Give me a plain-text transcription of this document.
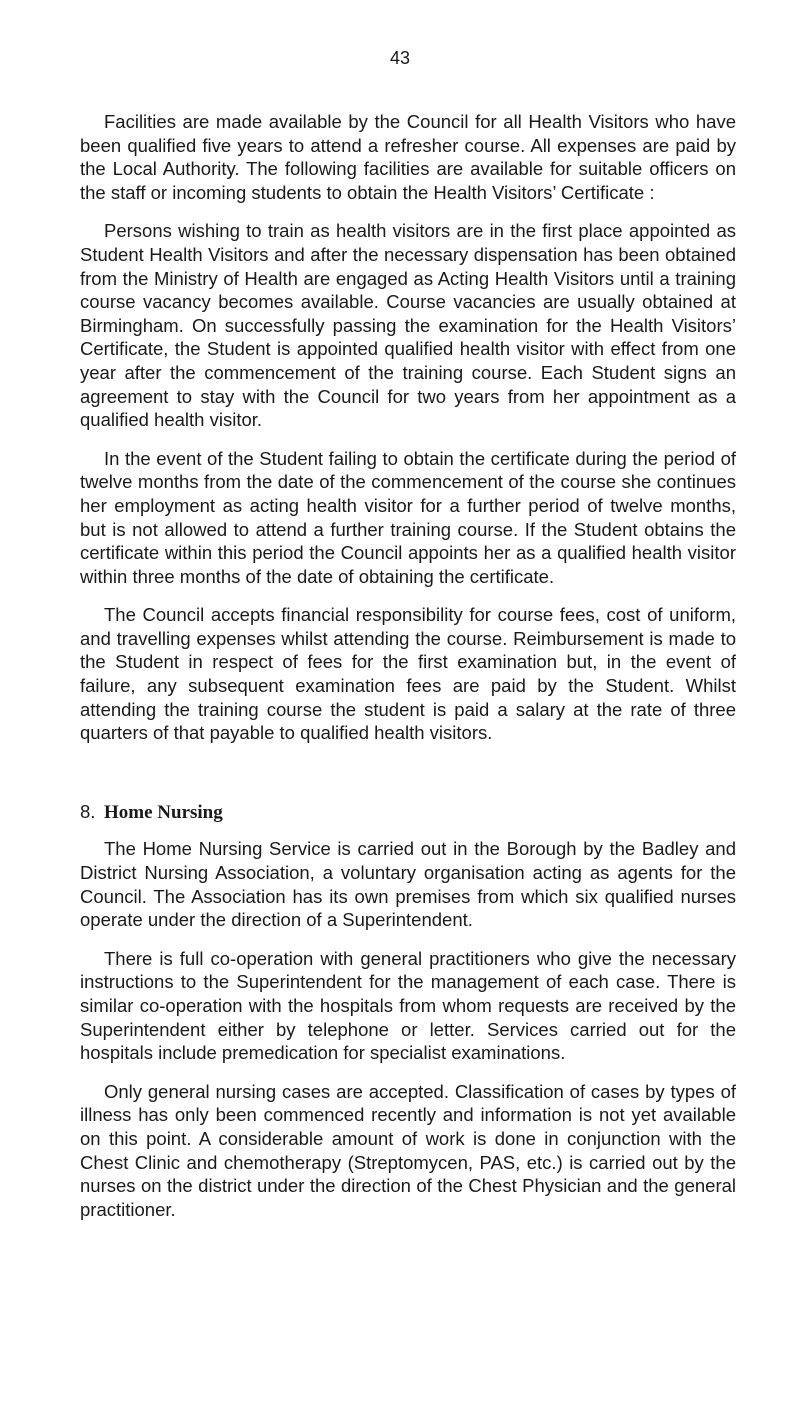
43

Facilities are made available by the Council for all Health Visitors who have been qualified five years to attend a refresher course. All expenses are paid by the Local Authority. The following facilities are available for suitable officers on the staff or incoming students to obtain the Health Visitors’ Certificate :

Persons wishing to train as health visitors are in the first place appointed as Student Health Visitors and after the necessary dispensation has been obtained from the Ministry of Health are engaged as Acting Health Visitors until a training course vacancy becomes available. Course vacancies are usually obtained at Birmingham. On successfully passing the examination for the Health Visitors’ Certificate, the Student is appointed qualified health visitor with effect from one year after the commencement of the training course. Each Student signs an agreement to stay with the Council for two years from her appointment as a qualified health visitor.

In the event of the Student failing to obtain the certificate during the period of twelve months from the date of the commencement of the course she continues her employment as acting health visitor for a further period of twelve months, but is not allowed to attend a further training course. If the Student obtains the certificate within this period the Council appoints her as a qualified health visitor within three months of the date of obtaining the certificate.

The Council accepts financial responsibility for course fees, cost of uniform, and travelling expenses whilst attending the course. Reimbursement is made to the Student in respect of fees for the first examination but, in the event of failure, any subsequent examination fees are paid by the Student. Whilst attending the training course the student is paid a salary at the rate of three quarters of that payable to qualified health visitors.

8. Home Nursing

The Home Nursing Service is carried out in the Borough by the Badley and District Nursing Association, a voluntary organisation acting as agents for the Council. The Association has its own premises from which six qualified nurses operate under the direction of a Superintendent.

There is full co-operation with general practitioners who give the necessary instructions to the Superintendent for the management of each case. There is similar co-operation with the hospitals from whom requests are received by the Superintendent either by telephone or letter. Services carried out for the hospitals include premedication for specialist examinations.

Only general nursing cases are accepted. Classification of cases by types of illness has only been commenced recently and information is not yet available on this point. A considerable amount of work is done in conjunction with the Chest Clinic and chemotherapy (Streptomycen, PAS, etc.) is carried out by the nurses on the district under the direction of the Chest Physician and the general practitioner.
